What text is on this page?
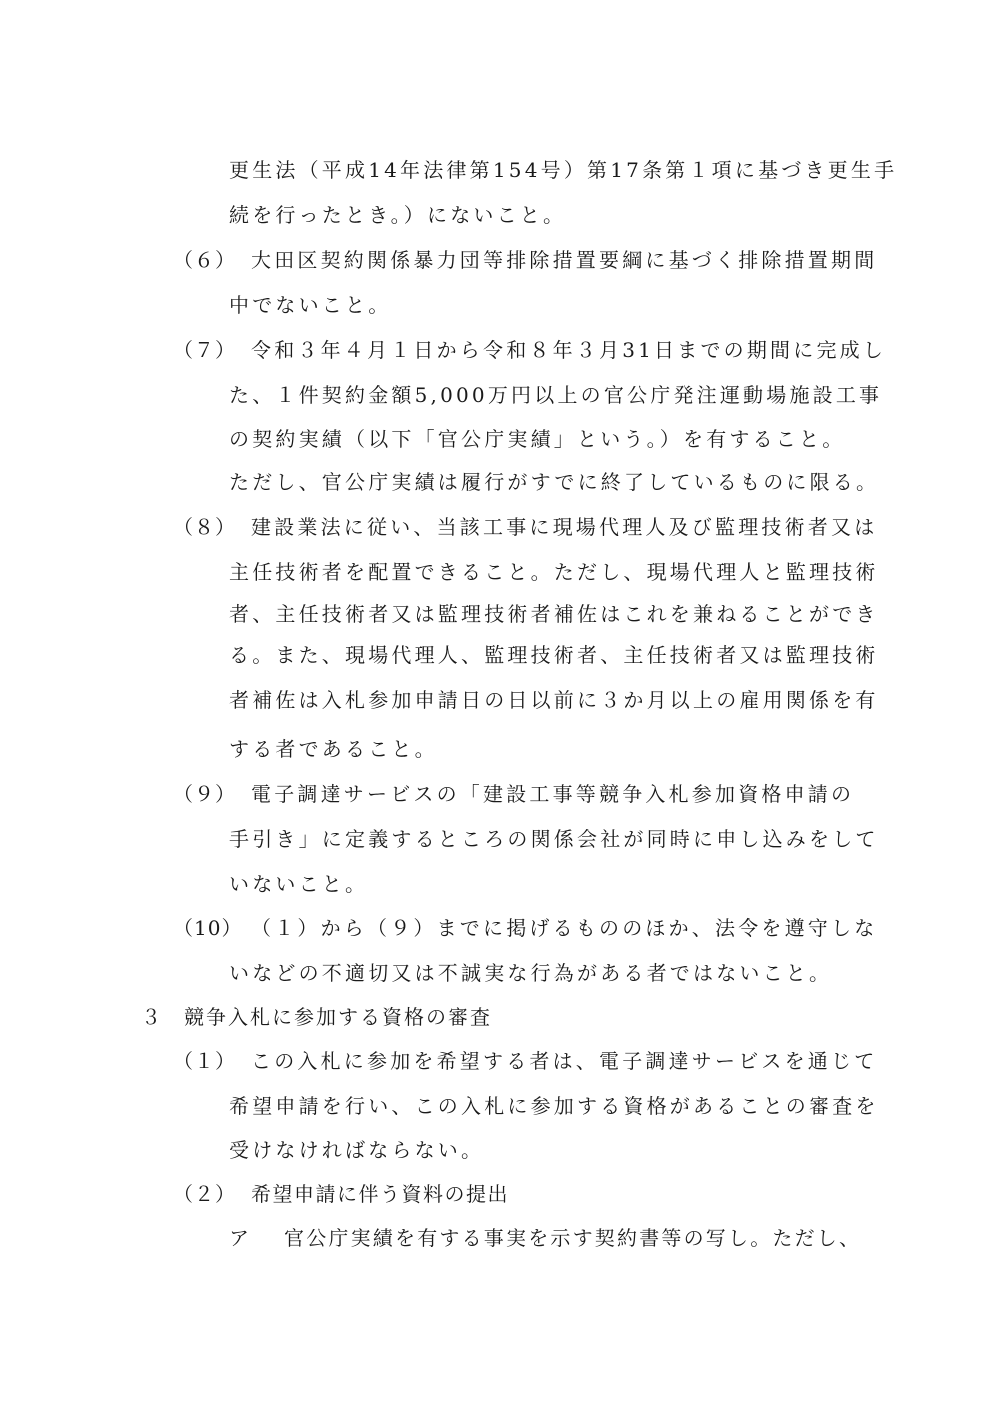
更生法（平成14年法律第154号）第17条第１項に基づき更生手
続を行ったとき。）にないこと。
（６） 大田区契約関係暴力団等排除措置要綱に基づく排除措置期間
中でないこと。
（７） 令和３年４月１日から令和８年３月31日までの期間に完成し
た、１件契約金額5,000万円以上の官公庁発注運動場施設工事
の契約実績（以下「官公庁実績」という。）を有すること。
ただし、官公庁実績は履行がすでに終了しているものに限る。
（８） 建設業法に従い、当該工事に現場代理人及び監理技術者又は
主任技術者を配置できること。ただし、現場代理人と監理技術
者、主任技術者又は監理技術者補佐はこれを兼ねることができ
る。また、現場代理人、監理技術者、主任技術者又は監理技術
者補佐は入札参加申請日の日以前に３か月以上の雇用関係を有
する者であること。
（９） 電子調達サービスの「建設工事等競争入札参加資格申請の
手引き」に定義するところの関係会社が同時に申し込みをして
いないこと。
（10） （１）から（９）までに掲げるもののほか、法令を遵守しな
いなどの不適切又は不誠実な行為がある者ではないこと。
３ 競争入札に参加する資格の審査
（１） この入札に参加を希望する者は、電子調達サービスを通じて
希望申請を行い、この入札に参加する資格があることの審査を
受けなければならない。
（２） 希望申請に伴う資料の提出
ア 官公庁実績を有する事実を示す契約書等の写し。ただし、
